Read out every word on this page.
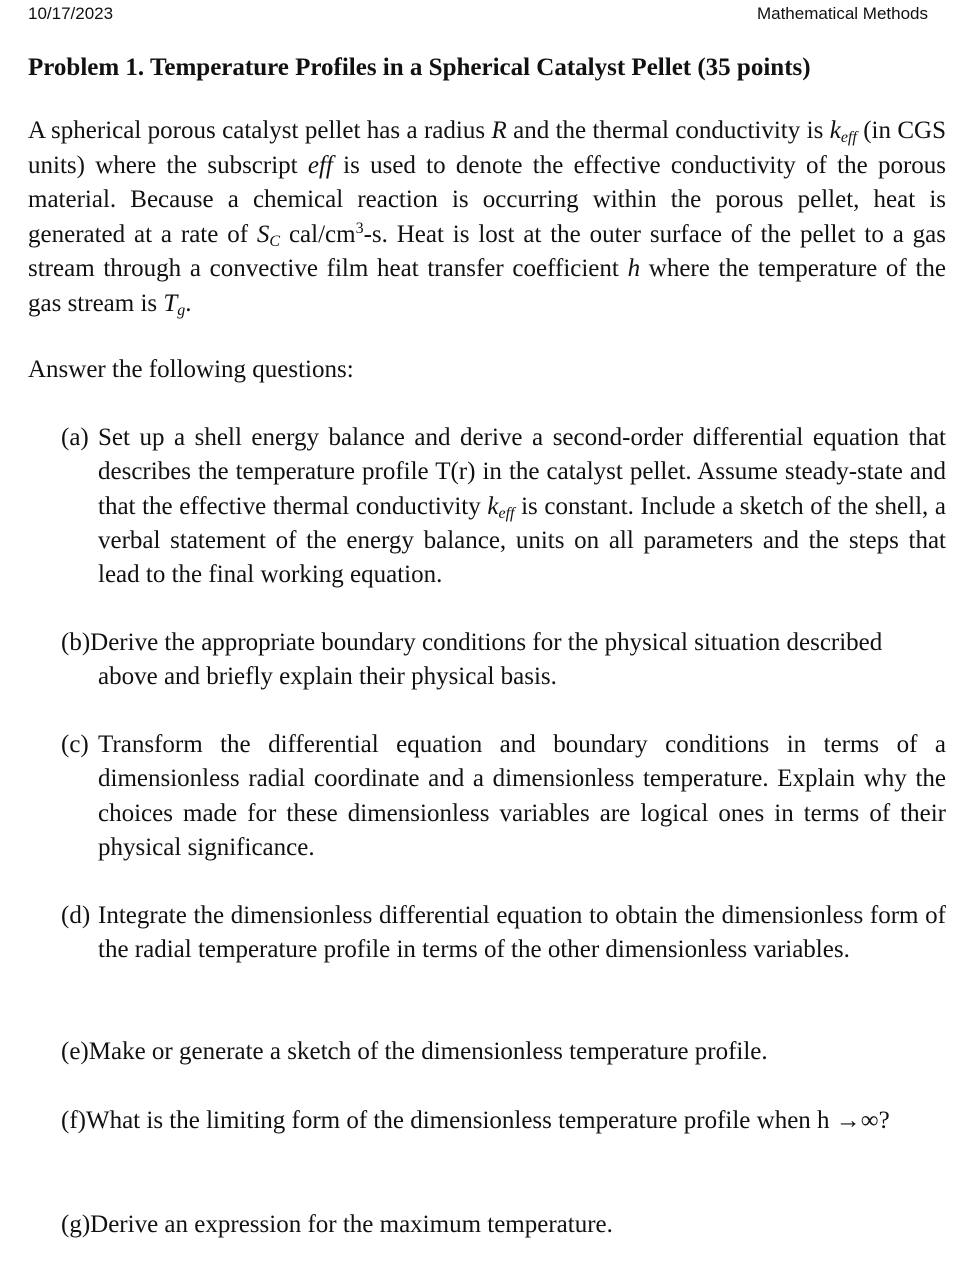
10/17/2023	Mathematical Methods
Problem 1. Temperature Profiles in a Spherical Catalyst Pellet (35 points)

A spherical porous catalyst pellet has a radius R and the thermal conductivity is $k_{eff}$ (in CGS units) where the subscript eff is used to denote the effective conductivity of the porous material. Because a chemical reaction is occurring within the porous pellet, heat is generated at a rate of $S_C$ cal/$cm^3-s$. Heat is lost at the outer surface of the pellet to a gas stream through a convective film heat transfer coefficient h where the temperature of the gas stream is $T_g$.

Answer the following questions:

(a) Set up a shell energy balance and derive a second-order differential equation that describes the temperature profile T(r) in the catalyst pellet. Assume steady-state and that the effective thermal conductivity $k_{eff}$ is constant. Include a sketch of the shell, a verbal statement of the energy balance, units on all parameters and the steps that lead to the final working equation.

(b)Derive the appropriate boundary conditions for the physical situation described above and briefly explain their physical basis.

(c) Transform the differential equation and boundary conditions in terms of a dimensionless radial coordinate and a dimensionless temperature. Explain why the choices made for these dimensionless variables are logical ones in terms of their physical significance.

(d) Integrate the dimensionless differential equation to obtain the dimensionless form of the radial temperature profile in terms of the other dimensionless variables.

(e)Make or generate a sketch of the dimensionless temperature profile.

(f)What is the limiting form of the dimensionless temperature profile when h →∞?

(g)Derive an expression for the maximum temperature.
